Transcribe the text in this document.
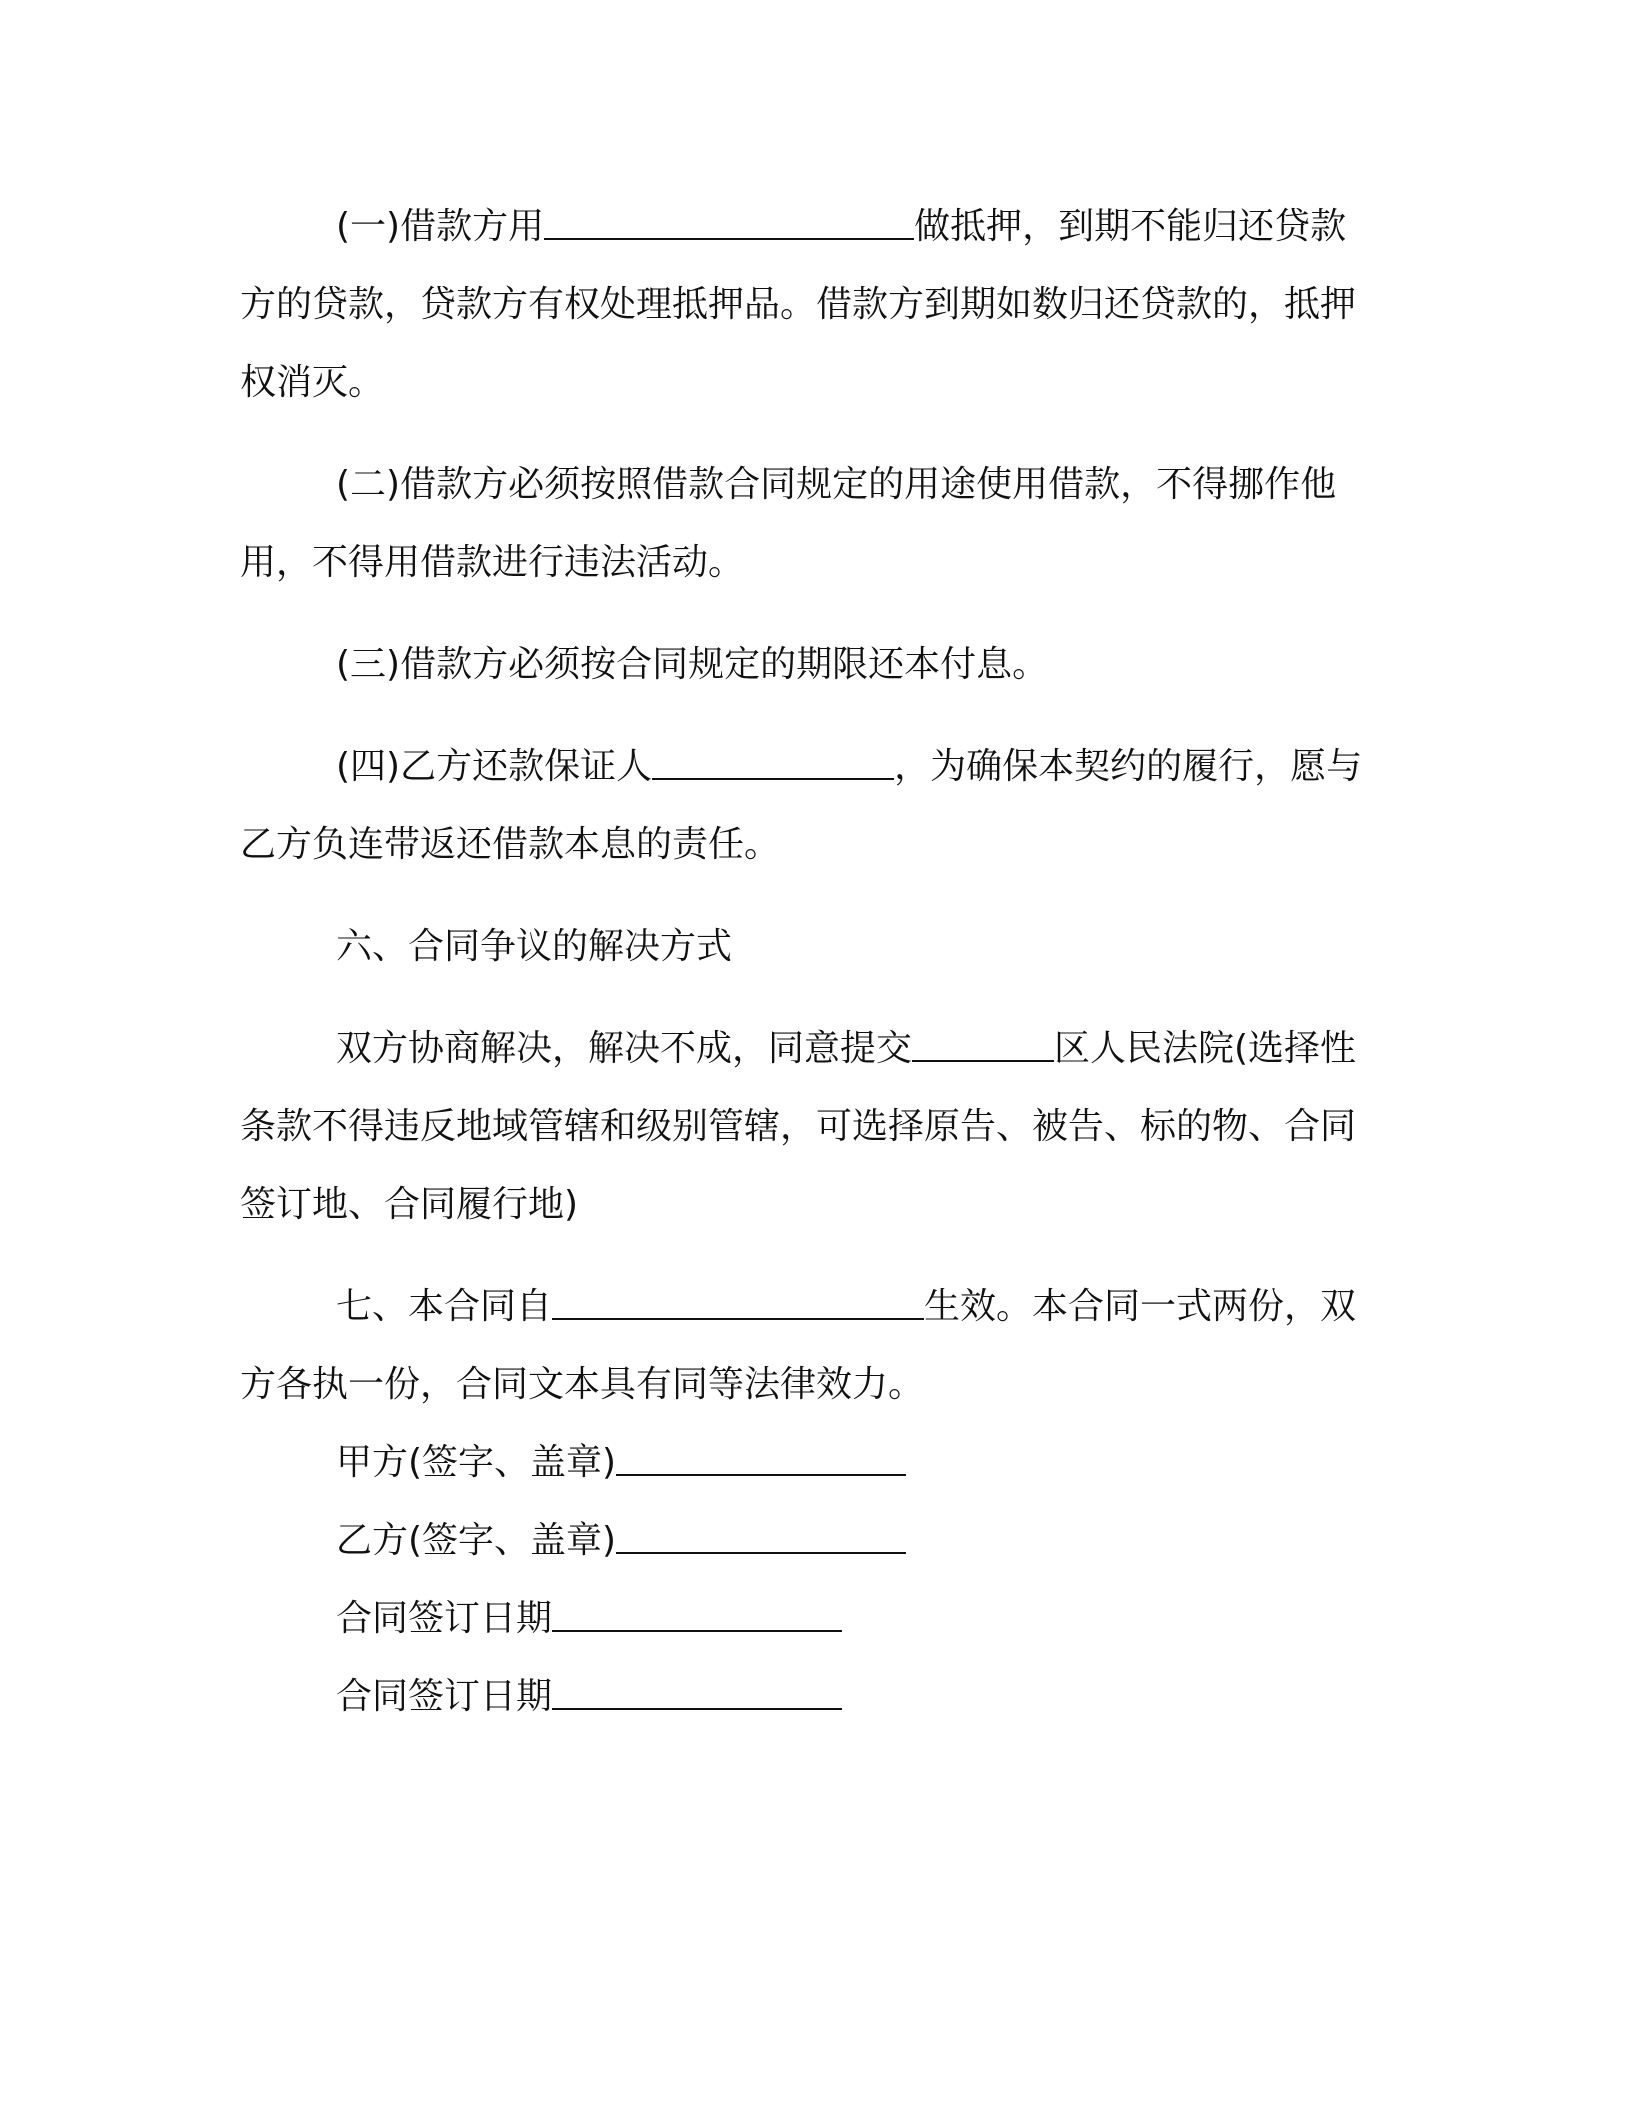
(一)借款方用	做抵押，到期不能归还贷款方的贷款，贷款方有权处理抵押品。借款方到期如数归还贷款的，抵押权消灭。

(二)借款方必须按照借款合同规定的用途使用借款，不得挪作他用，不得用借款进行违法活动。

(三)借款方必须按合同规定的期限还本付息。

(四)乙方还款保证人	，为确保本契约的履行，愿与乙方负连带返还借款本息的责任。

六、合同争议的解决方式

双方协商解决，解决不成，同意提交	区人民法院(选择性条款不得违反地域管辖和级别管辖，可选择原告、被告、标的物、合同签订地、合同履行地)

七、本合同自	生效。本合同一式两份，双方各执一份，合同文本具有同等法律效力。

甲方(签字、盖章)

乙方(签字、盖章)

合同签订日期

合同签订日期
